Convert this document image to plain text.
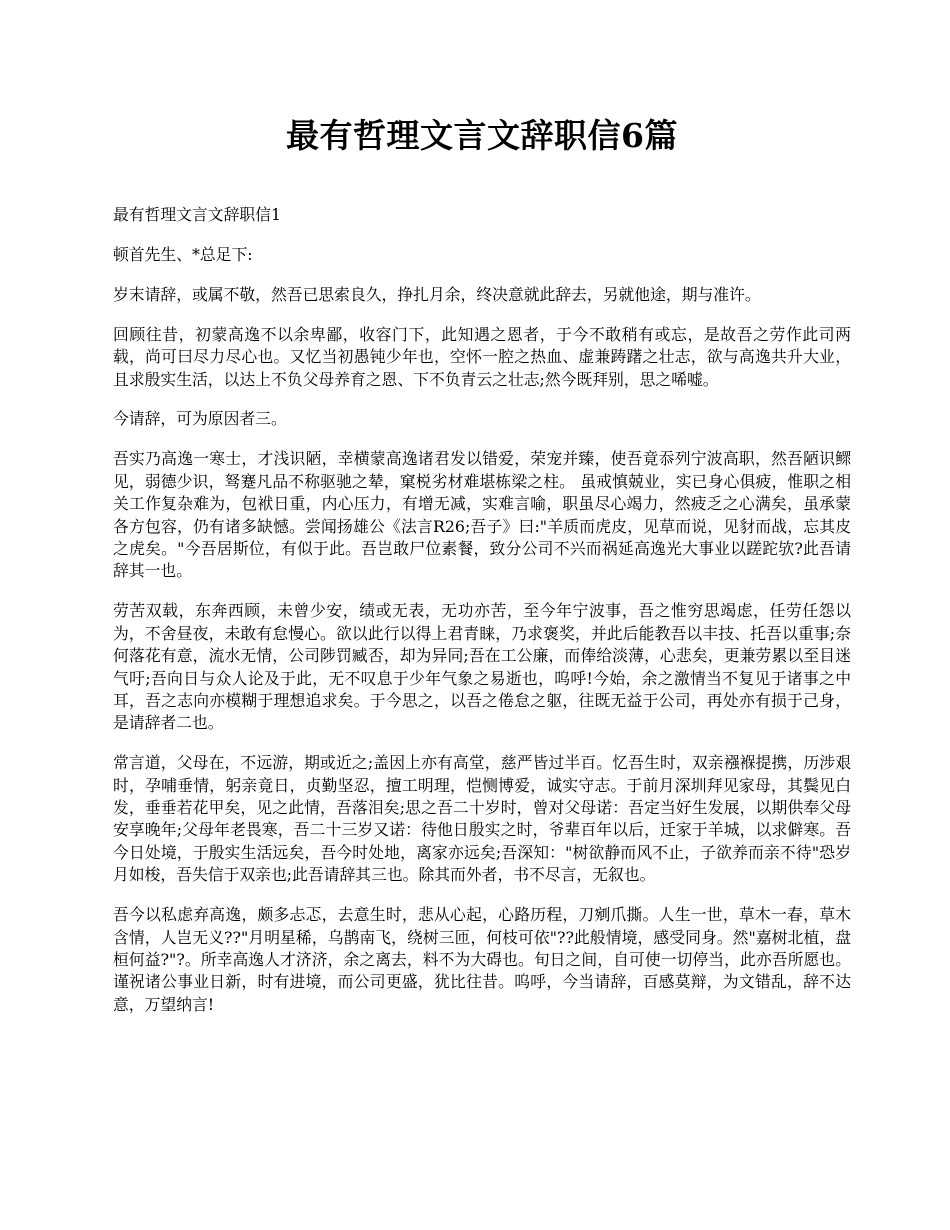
最有哲理文言文辞职信6篇

最有哲理文言文辞职信1

顿首先生、*总足下:

岁末请辞，或属不敬，然吾已思索良久，挣扎月余，终决意就此辞去，另就他途，期与准许。

回顾往昔，初蒙高逸不以余卑鄙，收容门下，此知遇之恩者，于今不敢稍有或忘，是故吾之劳作此司两载，尚可曰尽力尽心也。又忆当初愚钝少年也，空怀一腔之热血、虚兼踌躇之壮志，欲与高逸共升大业，且求殷实生活，以达上不负父母养育之恩、下不负青云之壮志;然今既拜别，思之唏嘘。

今请辞，可为原因者三。

吾实乃高逸一寒士，才浅识陋，幸横蒙高逸诸君发以错爱，荣宠并臻，使吾竟忝列宁波高职，然吾陋识鳏见，弱德少识，驽蹇凡品不称驱驰之辇，窠棁劣材难堪栋梁之柱。 虽戒慎兢业，实已身心俱疲，惟职之相关工作复杂难为，包袱日重，内心压力，有增无减，实难言喻，职虽尽心竭力，然疲乏之心满矣，虽承蒙各方包容，仍有诸多缺憾。尝闻扬雄公《法言R26;吾子》曰:"羊质而虎皮，见草而说，见豺而战，忘其皮之虎矣。"今吾居斯位，有似于此。吾岂敢尸位素餐，致分公司不兴而祸延高逸光大事业以蹉跎欤?此吾请辞其一也。

劳苦双载，东奔西顾，未曾少安，绩或无表，无功亦苦，至今年宁波事，吾之惟穷思竭虑，任劳任怨以为，不舍昼夜，未敢有怠慢心。欲以此行以得上君青睐，乃求褒奖，并此后能教吾以丰技、托吾以重事;奈何落花有意，流水无情，公司陟罚臧否，却为异同;吾在工公廉，而俸给淡薄，心悲矣，更兼劳累以至目迷气吁;吾向日与众人论及于此，无不叹息于少年气象之易逝也，呜呼!今始，余之激情当不复见于诸事之中耳，吾之志向亦模糊于理想追求矣。于今思之，以吾之倦怠之躯，往既无益于公司，再处亦有损于己身，是请辞者二也。

常言道，父母在，不远游，期或近之;盖因上亦有高堂，慈严皆过半百。忆吾生时，双亲襁褓提携，历涉艰时，孕哺垂情，躬亲竟日，贞勤坚忍，擅工明理，恺恻博爱，诚实守志。于前月深圳拜见家母，其鬓见白发，垂垂若花甲矣，见之此情，吾落泪矣;思之吾二十岁时，曾对父母诺：吾定当好生发展，以期供奉父母安享晚年;父母年老畏寒，吾二十三岁又诺：待他日殷实之时，爷辈百年以后，迁家于羊城，以求僻寒。吾今日处境，于殷实生活远矣，吾今时处地，离家亦远矣;吾深知："树欲静而风不止，子欲养而亲不待"恐岁月如梭，吾失信于双亲也;此吾请辞其三也。除其而外者，书不尽言，无叙也。

吾今以私虑弃高逸，颇多忐忑，去意生时，悲从心起，心路历程，刀剜爪撕。人生一世，草木一春，草木含情，人岂无义??"月明星稀，乌鹊南飞，绕树三匝，何枝可依"??此般情境，感受同身。然"嘉树北植，盘桓何益?"?。所幸高逸人才济济，余之离去，料不为大碍也。旬日之间，自可使一切停当，此亦吾所愿也。谨祝诸公事业日新，时有进境，而公司更盛，犹比往昔。呜呼，今当请辞，百感莫辩，为文错乱，辞不达意，万望纳言!
